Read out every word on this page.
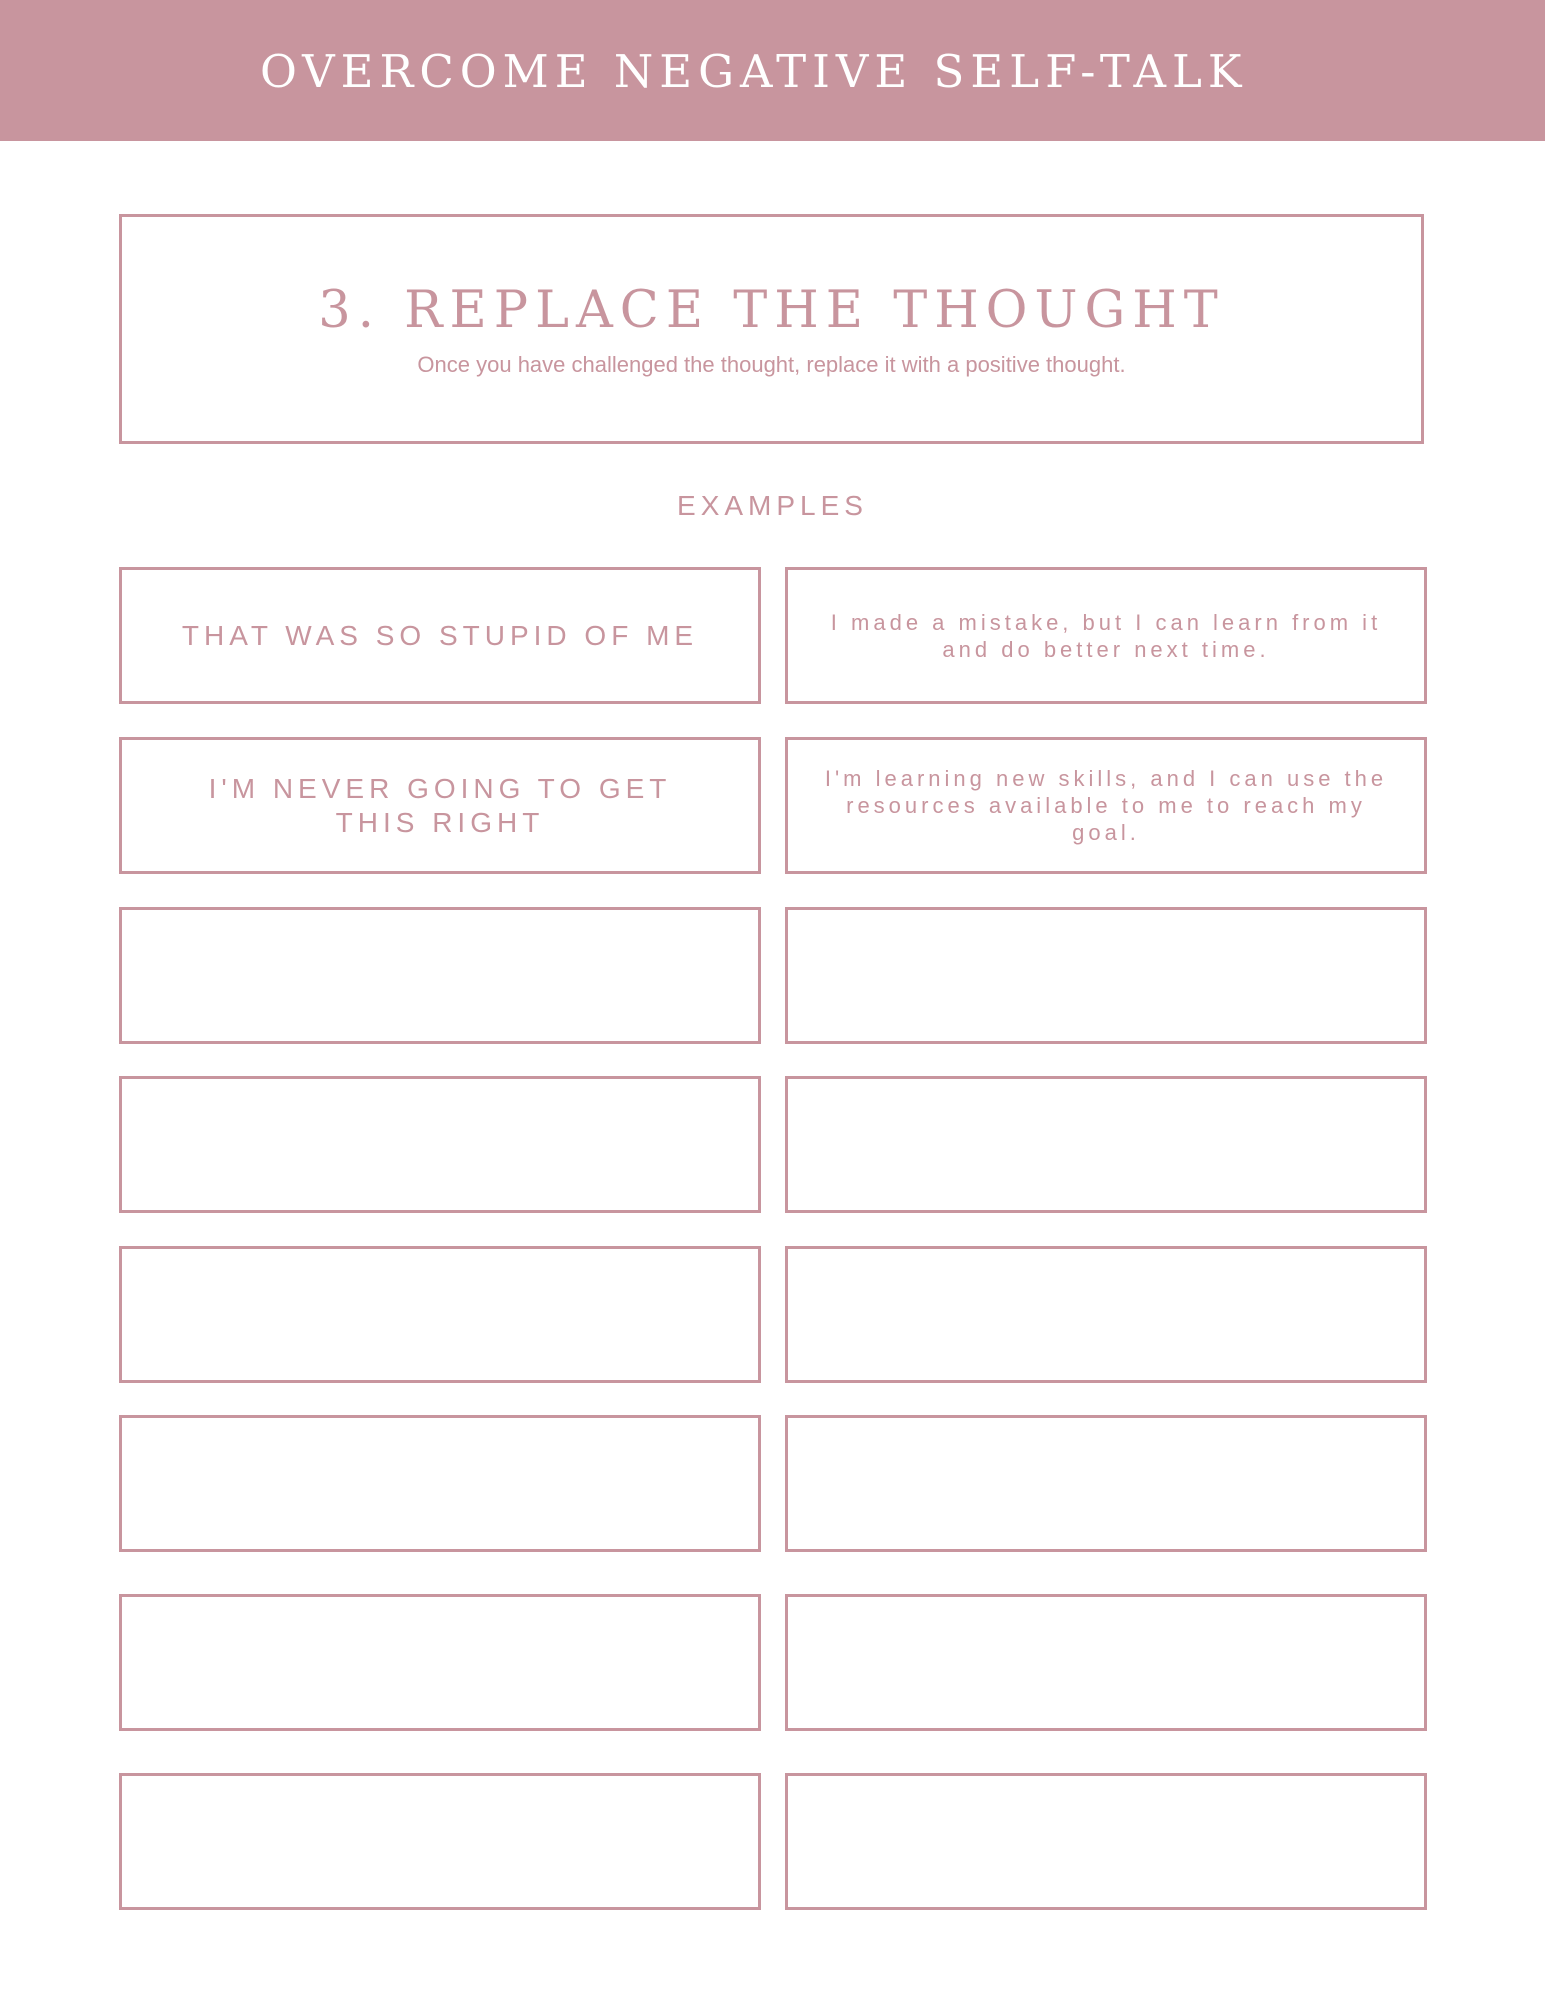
OVERCOME NEGATIVE SELF-TALK
3. REPLACE THE THOUGHT
Once you have challenged the thought, replace it with a positive thought.
EXAMPLES
THAT WAS SO STUPID OF ME	I made a mistake, but I can learn from it and do better next time.
I'M NEVER GOING TO GET THIS RIGHT
I'm learning new skills, and I can use the resources available to me to reach my goal.
